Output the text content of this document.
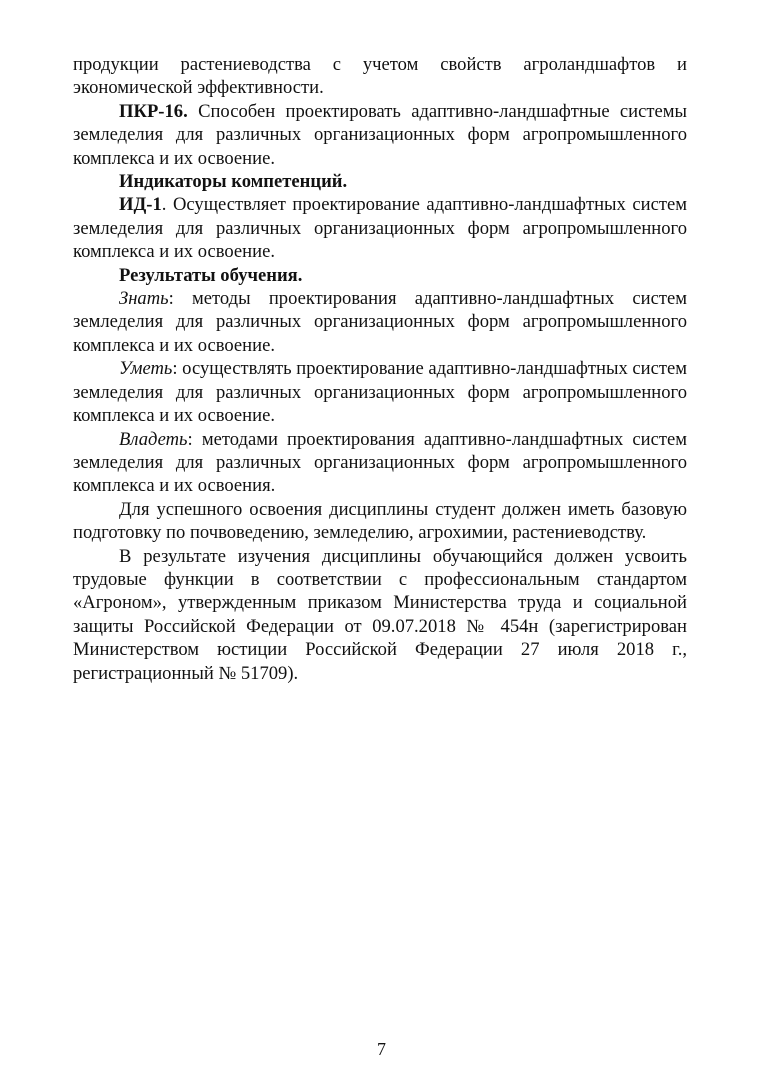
продукции растениеводства с учетом свойств агроландшафтов и экономической эффективности.

ПКР-16. Способен проектировать адаптивно-ландшафтные системы земледелия для различных организационных форм агропромышленного комплекса и их освоение.

Индикаторы компетенций.

ИД-1. Осуществляет проектирование адаптивно-ландшафтных систем земледелия для различных организационных форм агропромышленного комплекса и их освоение.

Результаты обучения.

Знать: методы проектирования адаптивно-ландшафтных систем земледелия для различных организационных форм агропромышленного комплекса и их освоение.

Уметь: осуществлять проектирование адаптивно-ландшафтных систем земледелия для различных организационных форм агропромышленного комплекса и их освоение.

Владеть: методами проектирования адаптивно-ландшафтных систем земледелия для различных организационных форм агропромышленного комплекса и их освоения.

Для успешного освоения дисциплины студент должен иметь базовую подготовку по почвоведению, земледелию, агрохимии, растениеводству.

В результате изучения дисциплины обучающийся должен усвоить трудовые функции в соответствии с профессиональным стандартом «Агроном», утвержденным приказом Министерства труда и социальной защиты Российской Федерации от 09.07.2018 № 454н (зарегистрирован Министерством юстиции Российской Федерации 27 июля 2018 г., регистрационный № 51709).

7
